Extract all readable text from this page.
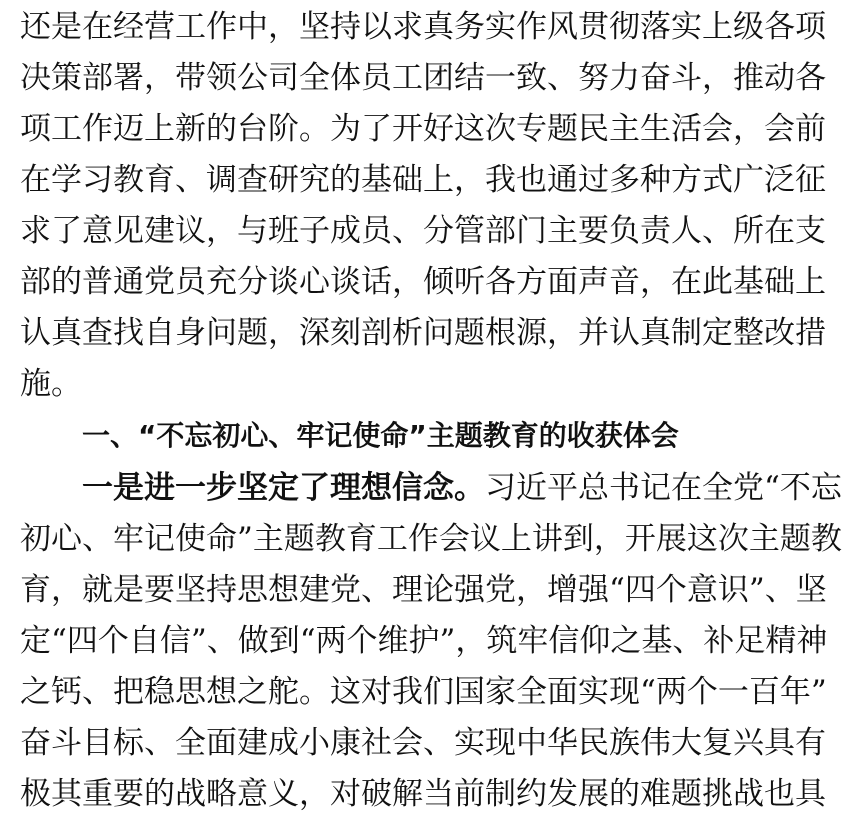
还是在经营工作中，坚持以求真务实作风贯彻落实上级各项

决策部署，带领公司全体员工团结一致、努力奋斗，推动各

项工作迈上新的台阶。为了开好这次专题民主生活会，会前

在学习教育、调查研究的基础上，我也通过多种方式广泛征

求了意见建议，与班子成员、分管部门主要负责人、所在支

部的普通党员充分谈心谈话，倾听各方面声音，在此基础上

认真查找自身问题，深刻剖析问题根源，并认真制定整改措

施。

一、“不忘初心、牢记使命”主题教育的收获体会

一是进一步坚定了理想信念。习近平总书记在全党“不忘

初心、牢记使命”主题教育工作会议上讲到，开展这次主题教

育，就是要坚持思想建党、理论强党，增强“四个意识”、坚

定“四个自信”、做到“两个维护”，筑牢信仰之基、补足精神

之钙、把稳思想之舵。这对我们国家全面实现“两个一百年”

奋斗目标、全面建成小康社会、实现中华民族伟大复兴具有

极其重要的战略意义，对破解当前制约发展的难题挑战也具
